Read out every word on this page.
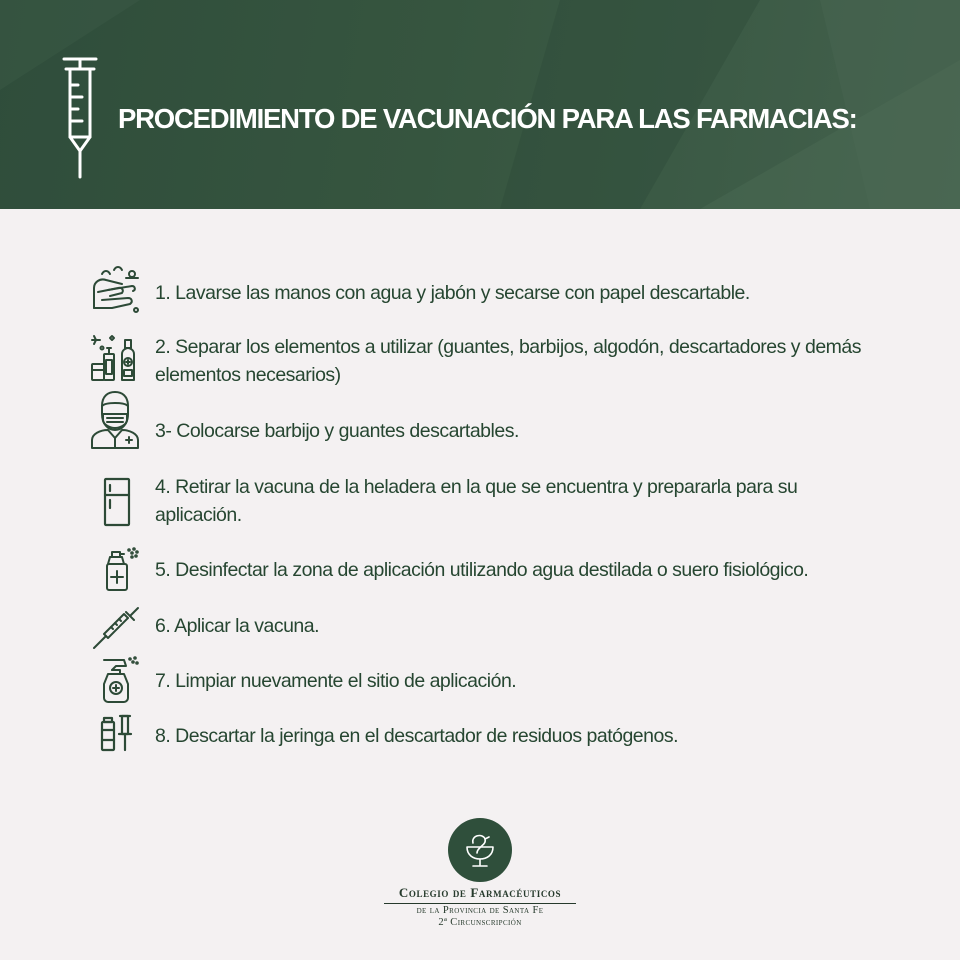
PROCEDIMIENTO DE VACUNACIÓN PARA LAS FARMACIAS:
1. Lavarse las manos con agua y jabón y secarse con papel descartable.
2. Separar los elementos a utilizar (guantes, barbijos, algodón, descartadores y demás elementos necesarios)
3- Colocarse barbijo y guantes descartables.
4. Retirar la vacuna de la heladera en la que se encuentra y prepararla para su aplicación.
5. Desinfectar la zona de aplicación utilizando agua destilada o suero fisiológico.
6. Aplicar la vacuna.
7. Limpiar nuevamente el sitio de aplicación.
8. Descartar la jeringa en el descartador de residuos patógenos.
Colegio de Farmacéuticos
de la Provincia de Santa Fe
2ª Circunscripción
